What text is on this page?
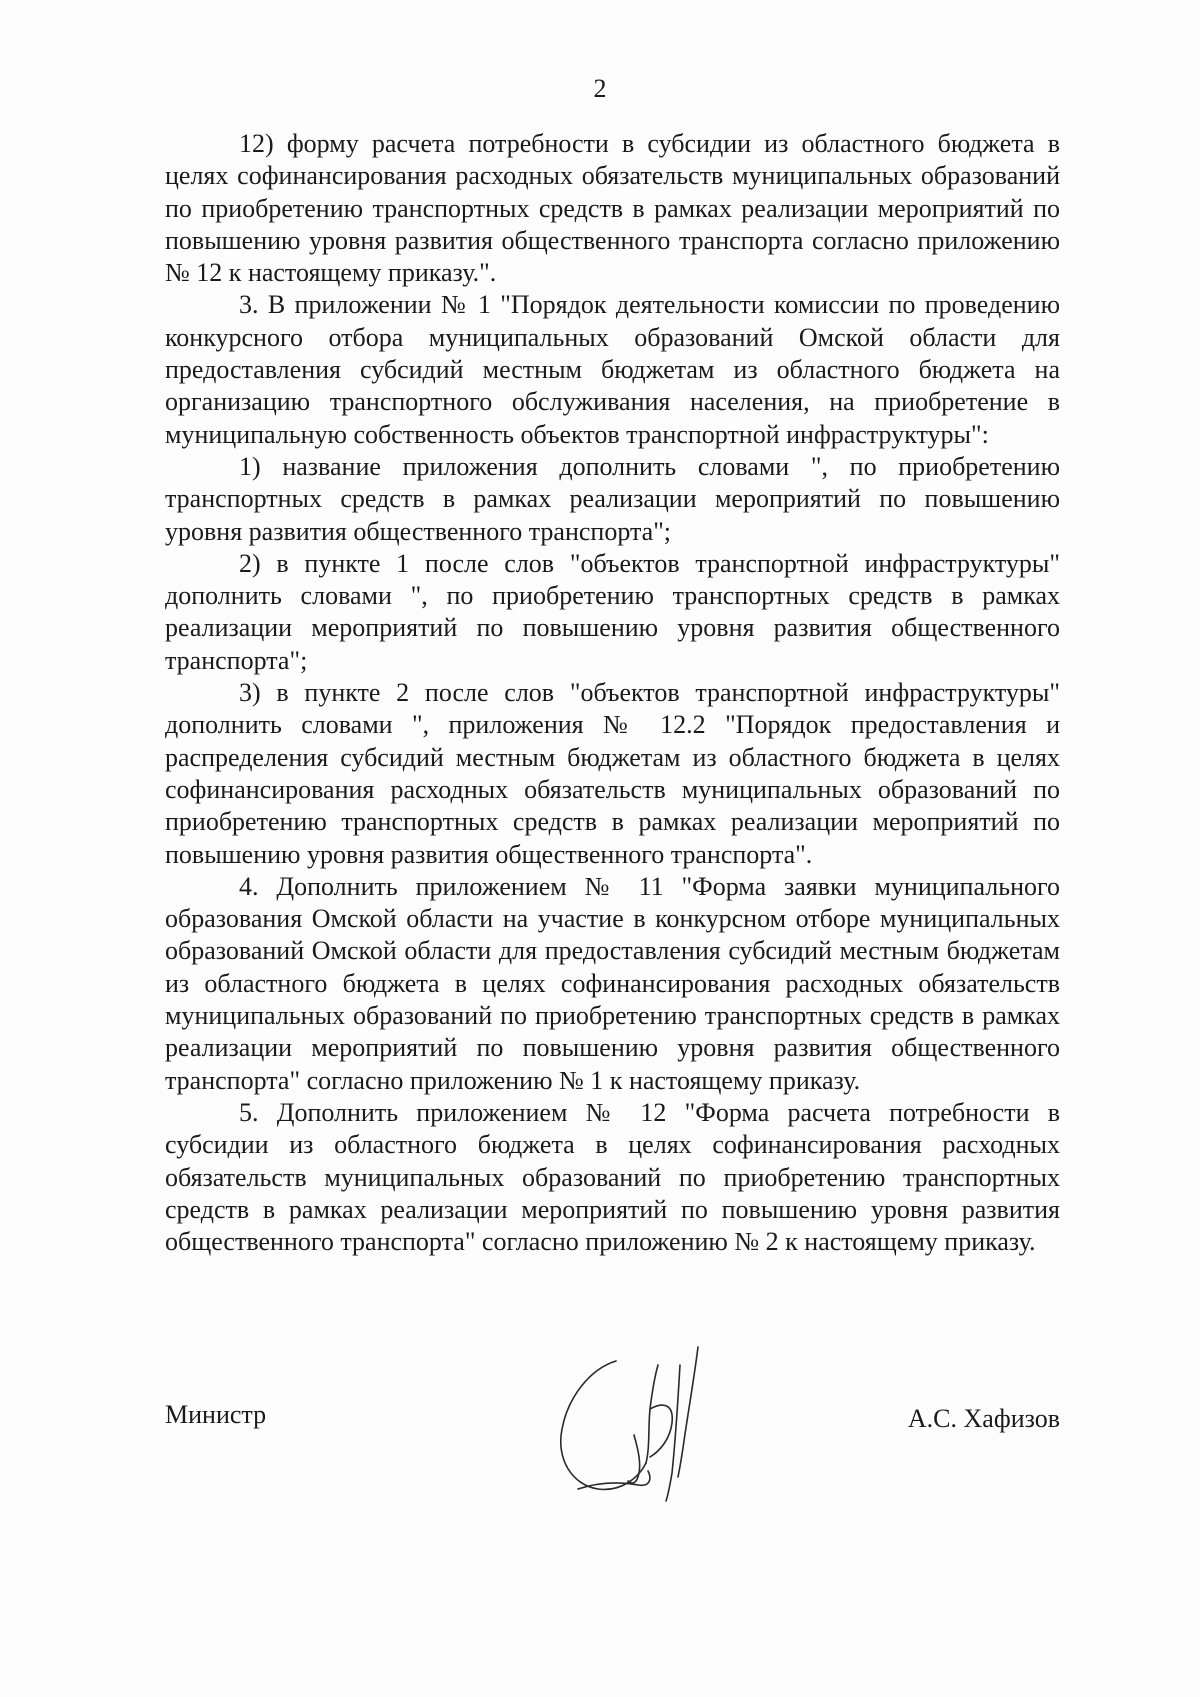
2

12) форму расчета потребности в субсидии из областного бюджета в целях софинансирования расходных обязательств муниципальных образований по приобретению транспортных средств в рамках реализации мероприятий по повышению уровня развития общественного транспорта согласно приложению № 12 к настоящему приказу.".

3. В приложении № 1 "Порядок деятельности комиссии по проведению конкурсного отбора муниципальных образований Омской области для предоставления субсидий местным бюджетам из областного бюджета на организацию транспортного обслуживания населения, на приобретение в муниципальную собственность объектов транспортной инфраструктуры":

1) название приложения дополнить словами ", по приобретению транспортных средств в рамках реализации мероприятий по повышению уровня развития общественного транспорта";

2) в пункте 1 после слов "объектов транспортной инфраструктуры" дополнить словами ", по приобретению транспортных средств в рамках реализации мероприятий по повышению уровня развития общественного транспорта";

3) в пункте 2 после слов "объектов транспортной инфраструктуры" дополнить словами ", приложения № 12.2 "Порядок предоставления и распределения субсидий местным бюджетам из областного бюджета в целях софинансирования расходных обязательств муниципальных образований по приобретению транспортных средств в рамках реализации мероприятий по повышению уровня развития общественного транспорта".

4. Дополнить приложением № 11 "Форма заявки муниципального образования Омской области на участие в конкурсном отборе муниципальных образований Омской области для предоставления субсидий местным бюджетам из областного бюджета в целях софинансирования расходных обязательств муниципальных образований по приобретению транспортных средств в рамках реализации мероприятий по повышению уровня развития общественного транспорта" согласно приложению № 1 к настоящему приказу.

5. Дополнить приложением № 12 "Форма расчета потребности в субсидии из областного бюджета в целях софинансирования расходных обязательств муниципальных образований по приобретению транспортных средств в рамках реализации мероприятий по повышению уровня развития общественного транспорта" согласно приложению № 2 к настоящему приказу.

Министр	А.С. Хафизов
